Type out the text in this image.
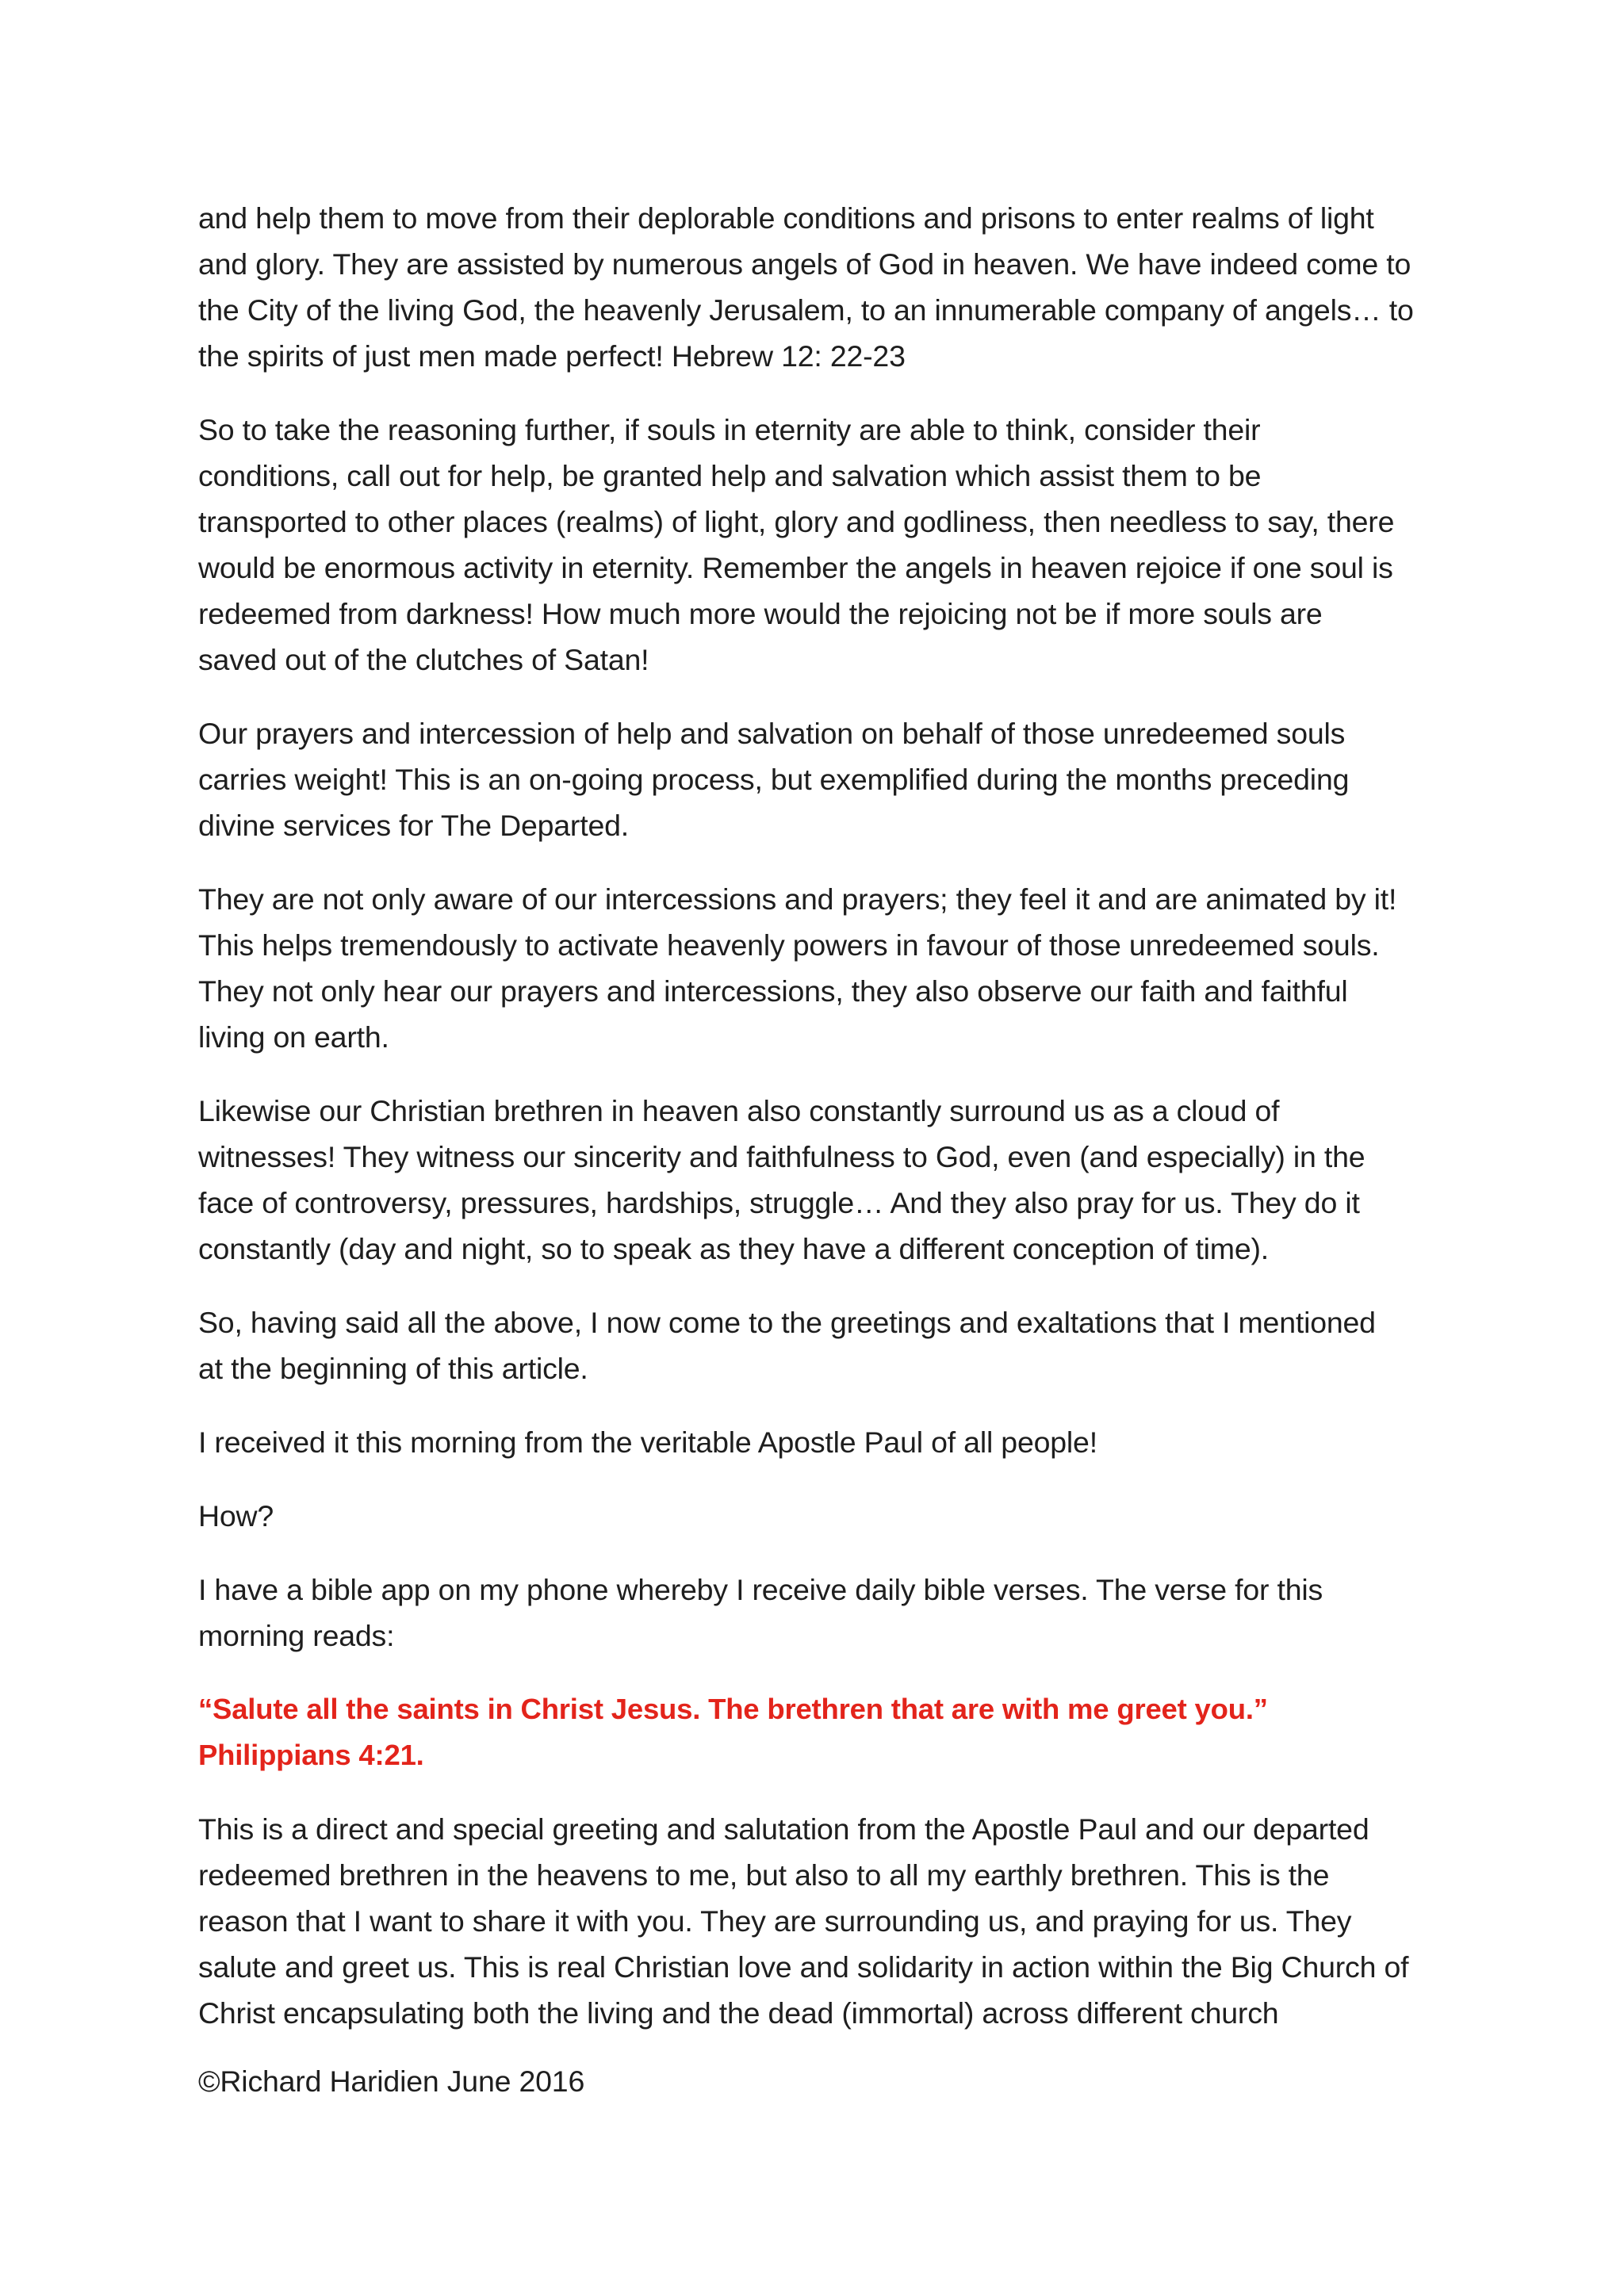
and help them to move from their deplorable conditions and prisons to enter realms of light
and glory. They are assisted by numerous angels of God in heaven. We have indeed come to
the City of the living God, the heavenly Jerusalem, to an innumerable company of angels… to
the spirits of just men made perfect! Hebrew 12: 22-23

So to take the reasoning further, if souls in eternity are able to think, consider their
conditions, call out for help, be granted help and salvation which assist them to be
transported to other places (realms) of light, glory and godliness, then needless to say, there
would be enormous activity in eternity. Remember the angels in heaven rejoice if one soul is
redeemed from darkness! How much more would the rejoicing not be if more souls are
saved out of the clutches of Satan!

Our prayers and intercession of help and salvation on behalf of those unredeemed souls
carries weight! This is an on-going process, but exemplified during the months preceding
divine services for The Departed.

They are not only aware of our intercessions and prayers; they feel it and are animated by it!
This helps tremendously to activate heavenly powers in favour of those unredeemed souls.
They not only hear our prayers and intercessions, they also observe our faith and faithful
living on earth.

Likewise our Christian brethren in heaven also constantly surround us as a cloud of
witnesses! They witness our sincerity and faithfulness to God, even (and especially) in the
face of controversy, pressures, hardships, struggle… And they also pray for us. They do it
constantly (day and night, so to speak as they have a different conception of time).

So, having said all the above, I now come to the greetings and exaltations that I mentioned
at the beginning of this article.

I received it this morning from the veritable Apostle Paul of all people!

How?

I have a bible app on my phone whereby I receive daily bible verses. The verse for this
morning reads:

“Salute all the saints in Christ Jesus. The brethren that are with me greet you.”
Philippians 4:21.

This is a direct and special greeting and salutation from the Apostle Paul and our departed
redeemed brethren in the heavens to me, but also to all my earthly brethren. This is the
reason that I want to share it with you. They are surrounding us, and praying for us. They
salute and greet us. This is real Christian love and solidarity in action within the Big Church of
Christ encapsulating both the living and the dead (immortal) across different church

©Richard Haridien June 2016
